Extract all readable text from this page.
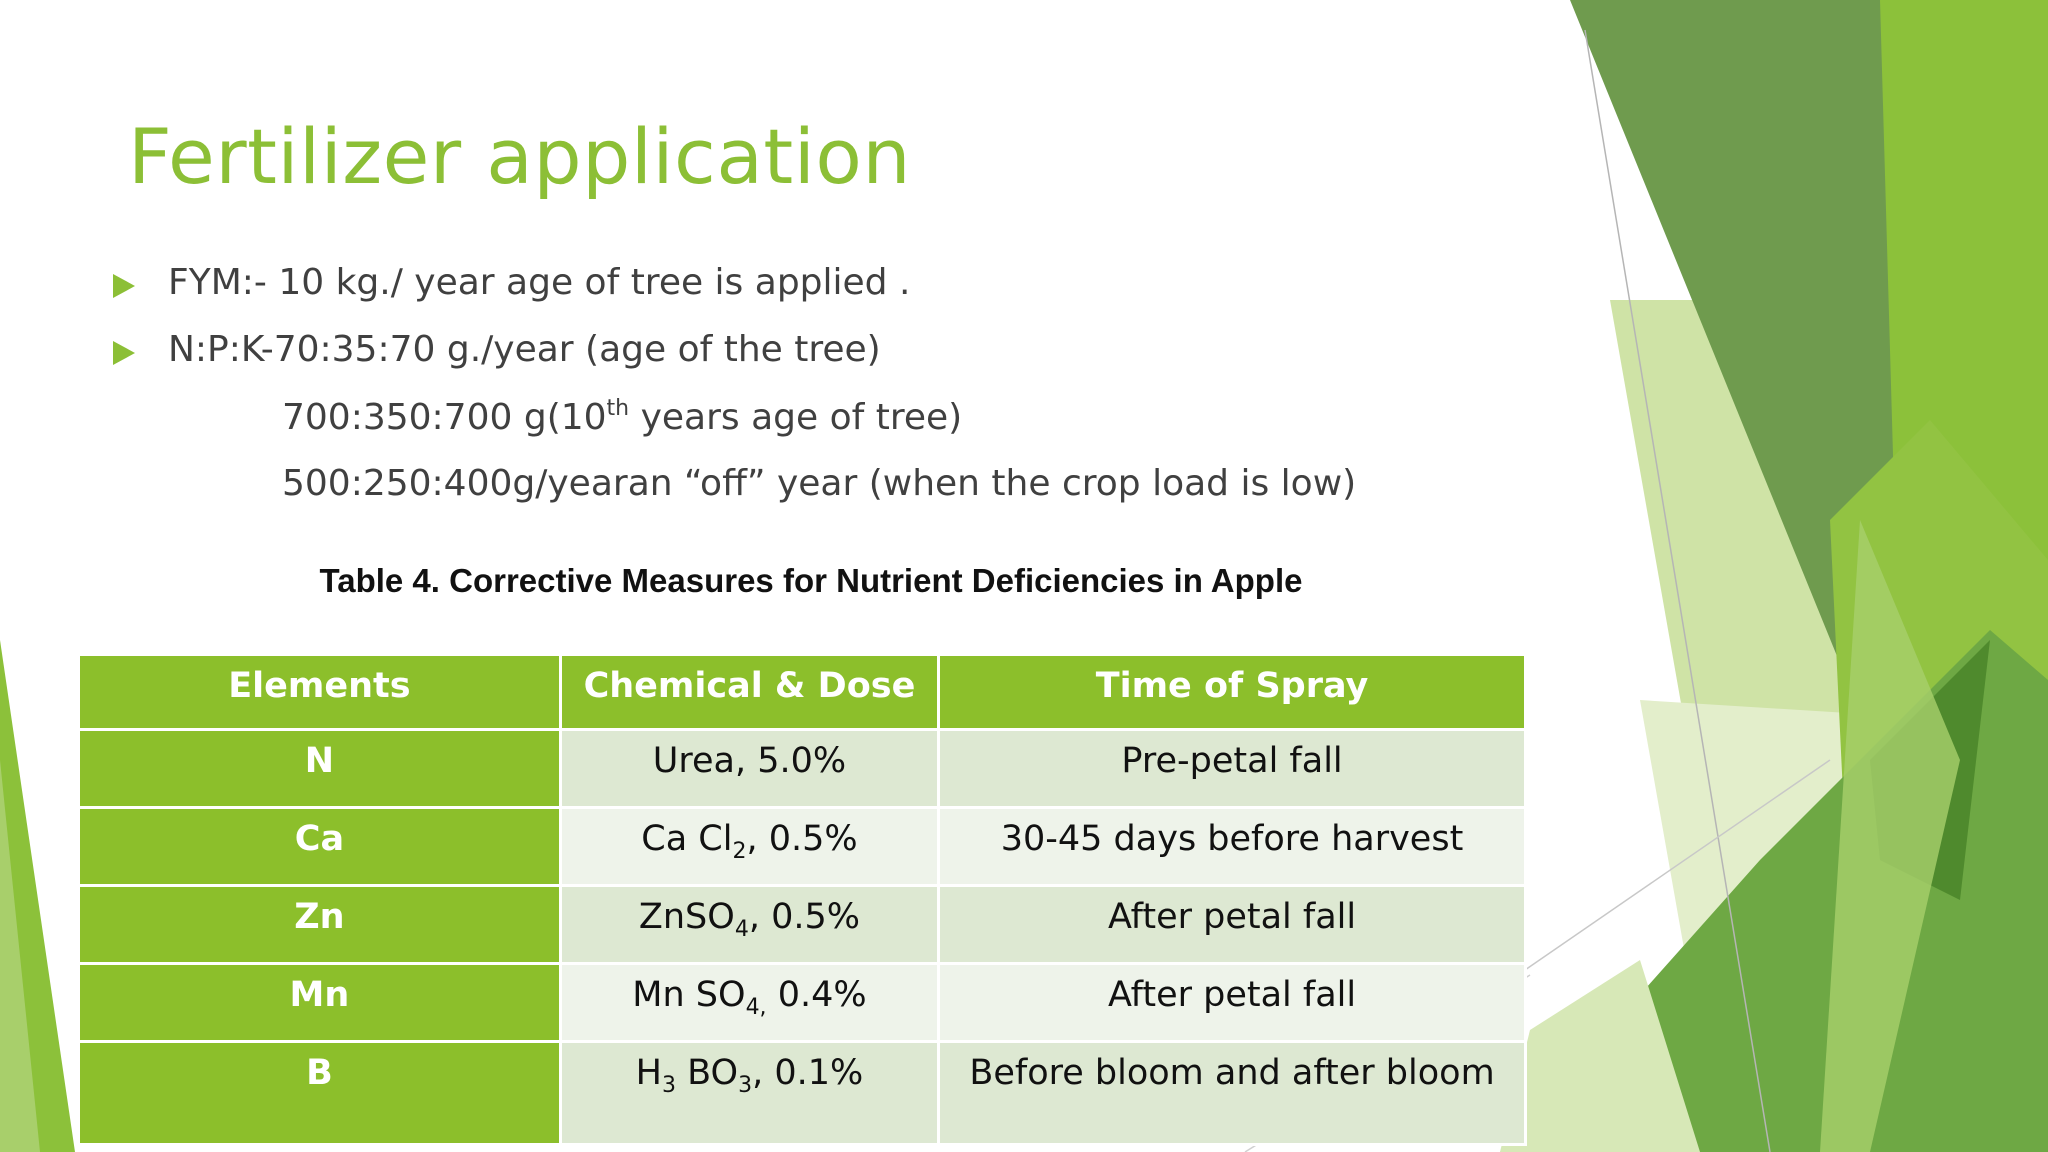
Fertilizer application
FYM:- 10 kg./ year age of tree is applied .
N:P:K-70:35:70 g./year (age of the tree)
700:350:700 g(10th years age of tree)
500:250:400g/yearan “off” year (when the crop load is low)
Table 4. Corrective Measures for Nutrient Deficiencies in Apple
Elements	Chemical & Dose	Time of Spray
N	Urea, 5.0%	Pre-petal fall
Ca	Ca $Cl_2$, 0.5%	30-45 days before harvest
Zn	ZnSO$_4$, 0.5%	After petal fall
Mn	Mn $SO_{4,}$ 0.4%	After petal fall
B	$H_3$ $BO_3$, 0.1%	Before bloom and after bloom
